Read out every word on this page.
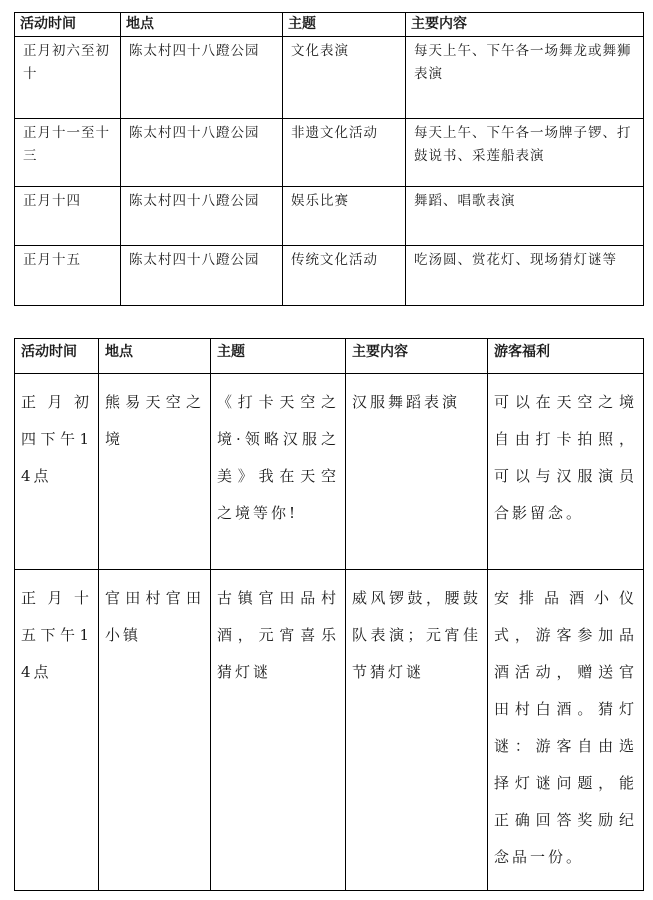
活动时间	地点	主题	主要内容
正月初六至初十	陈太村四十八蹬公园	文化表演	每天上午、下午各一场舞龙或舞狮表演
正月十一至十三	陈太村四十八蹬公园	非遗文化活动	每天上午、下午各一场牌子锣、打鼓说书、采莲船表演
正月十四	陈太村四十八蹬公园	娱乐比赛	舞蹈、唱歌表演
正月十五	陈太村四十八蹬公园	传统文化活动	吃汤圆、赏花灯、现场猜灯谜等
活动时间	地点	主题	主要内容	游客福利
正月初四下午14点	熊易天空之境	《打卡天空之境·领略汉服之美》我在天空之境等你!	汉服舞蹈表演	可以在天空之境自由打卡拍照，可以与汉服演员合影留念。
正月十五下午14点	官田村官田小镇	古镇官田品村酒，元宵喜乐猜灯谜	威风锣鼓，腰鼓队表演；元宵佳节猜灯谜	安排品酒小仪式，游客参加品酒活动，赠送官田村白酒。猜灯谜：游客自由选择灯谜问题，能正确回答奖励纪念品一份。
